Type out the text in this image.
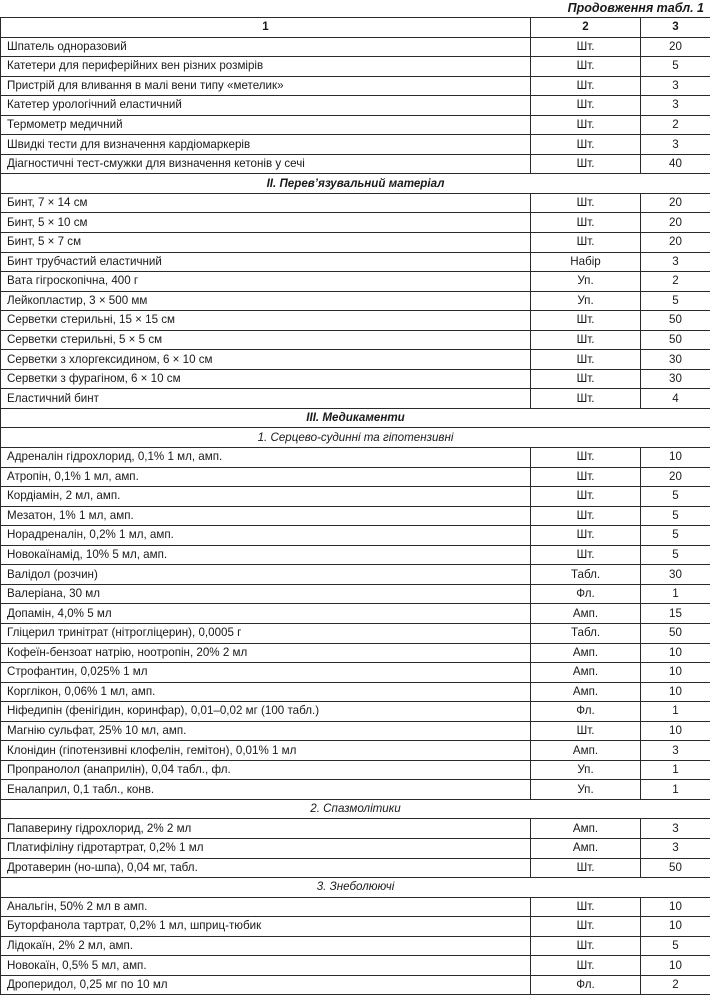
Продовження табл. 1
1	2	3
Шпатель одноразовий	Шт.	20
Катетери для периферійних вен різних розмірів	Шт.	5
Пристрій для вливання в малі вени типу «метелик»	Шт.	3
Катетер урологічний еластичний	Шт.	3
Термометр медичний	Шт.	2
Швидкі тести для визначення кардіомаркерів	Шт.	3
Діагностичні тест-смужки для визначення кетонів у сечі	Шт.	40
ІІ. Перев’язувальний матеріал		
Бинт, 7 × 14 см	Шт.	20
Бинт, 5 × 10 см	Шт.	20
Бинт, 5 × 7 см	Шт.	20
Бинт трубчастий еластичний	Набір	3
Вата гігроскопічна, 400 г	Уп.	2
Лейкопластир, 3 × 500 мм	Уп.	5
Серветки стерильні, 15 × 15 см	Шт.	50
Серветки стерильні, 5 × 5 см	Шт.	50
Серветки з хлоргексидином, 6 × 10 см	Шт.	30
Серветки з фурагіном, 6 × 10 см	Шт.	30
Еластичний бинт	Шт.	4
ІІІ. Медикаменти		
1. Серцево-судинні та гіпотензивні		
Адреналін гідрохлорид, 0,1% 1 мл, амп.	Шт.	10
Атропін, 0,1% 1 мл, амп.	Шт.	20
Кордіамін, 2 мл, амп.	Шт.	5
Мезатон, 1% 1 мл, амп.	Шт.	5
Норадреналін, 0,2% 1 мл, амп.	Шт.	5
Новокаїнамід, 10% 5 мл, амп.	Шт.	5
Валідол (розчин)	Табл.	30
Валеріана, 30 мл	Фл.	1
Допамін, 4,0% 5 мл	Амп.	15
Гліцерил тринітрат (нітрогліцерин), 0,0005 г	Табл.	50
Кофеїн-бензоат натрію, ноотропін, 20% 2 мл	Амп.	10
Строфантин, 0,025% 1 мл	Амп.	10
Корглікон, 0,06% 1 мл, амп.	Амп.	10
Ніфедипін (фенігідин, коринфар), 0,01–0,02 мг (100 табл.)	Фл.	1
Магнію сульфат, 25% 10 мл, амп.	Шт.	10
Клонідин (гіпотензивні клофелін, гемітон), 0,01% 1 мл	Амп.	3
Пропранолол (анаприлін), 0,04 табл., фл.	Уп.	1
Еналаприл, 0,1 табл., конв.	Уп.	1
2. Спазмолітики		
Папаверину гідрохлорид, 2% 2 мл	Амп.	3
Платифіліну гідротартрат, 0,2% 1 мл	Амп.	3
Дротаверин (но-шпа), 0,04 мг, табл.	Шт.	50
3. Знеболюючі		
Анальгін, 50% 2 мл в амп.	Шт.	10
Буторфанола тартрат, 0,2% 1 мл, шприц-тюбик	Шт.	10
Лідокаїн, 2% 2 мл, амп.	Шт.	5
Новокаїн, 0,5% 5 мл, амп.	Шт.	10
Дроперидол, 0,25 мг по 10 мл	Фл.	2
